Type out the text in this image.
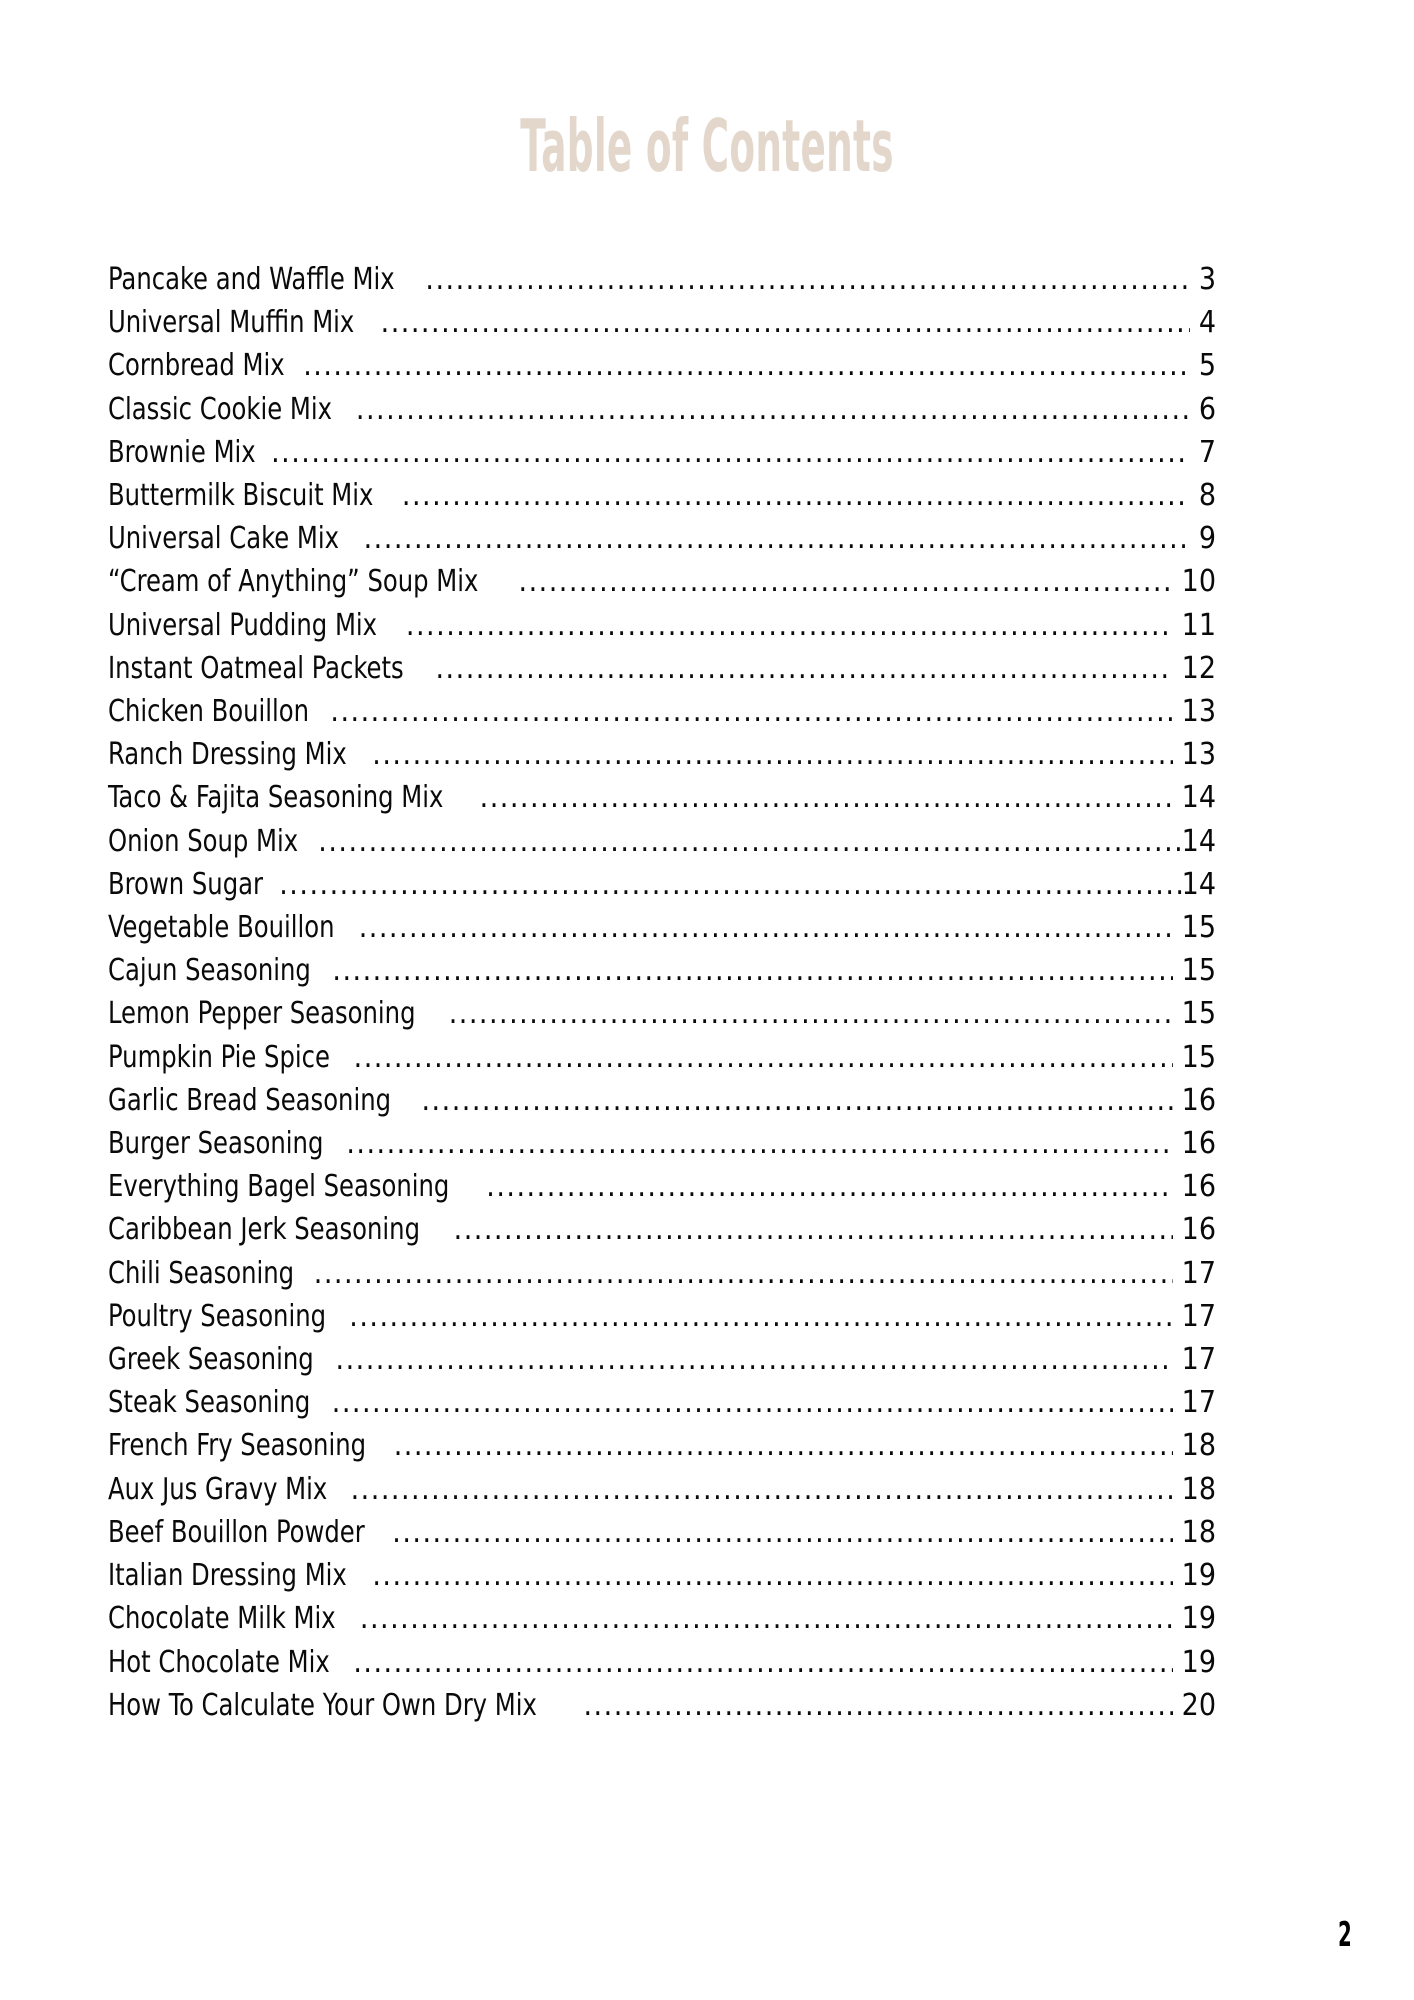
Table of Contents
Pancake and Waffle Mix .....	3
Universal Muffin Mix .....	4
Cornbread Mix .....	5
Classic Cookie Mix .....	6
Brownie Mix .....	7
Buttermilk Biscuit Mix .....	8
Universal Cake Mix .....	9
“Cream of Anything” Soup Mix .....	10
Universal Pudding Mix .....	11
Instant Oatmeal Packets .....	12
Chicken Bouillon .....	13
Ranch Dressing Mix .....	13
Taco & Fajita Seasoning Mix .....	14
Onion Soup Mix .....	14
Brown Sugar .....	14
Vegetable Bouillon .....	15
Cajun Seasoning .....	15
Lemon Pepper Seasoning .....	15
Pumpkin Pie Spice .....	15
Garlic Bread Seasoning .....	16
Burger Seasoning .....	16
Everything Bagel Seasoning .....	16
Caribbean Jerk Seasoning .....	16
Chili Seasoning .....	17
Poultry Seasoning .....	17
Greek Seasoning .....	17
Steak Seasoning .....	17
French Fry Seasoning .....	18
Aux Jus Gravy Mix .....	18
Beef Bouillon Powder .....	18
Italian Dressing Mix .....	19
Chocolate Milk Mix .....	19
Hot Chocolate Mix .....	19
How To Calculate Your Own Dry Mix .....	20
2
